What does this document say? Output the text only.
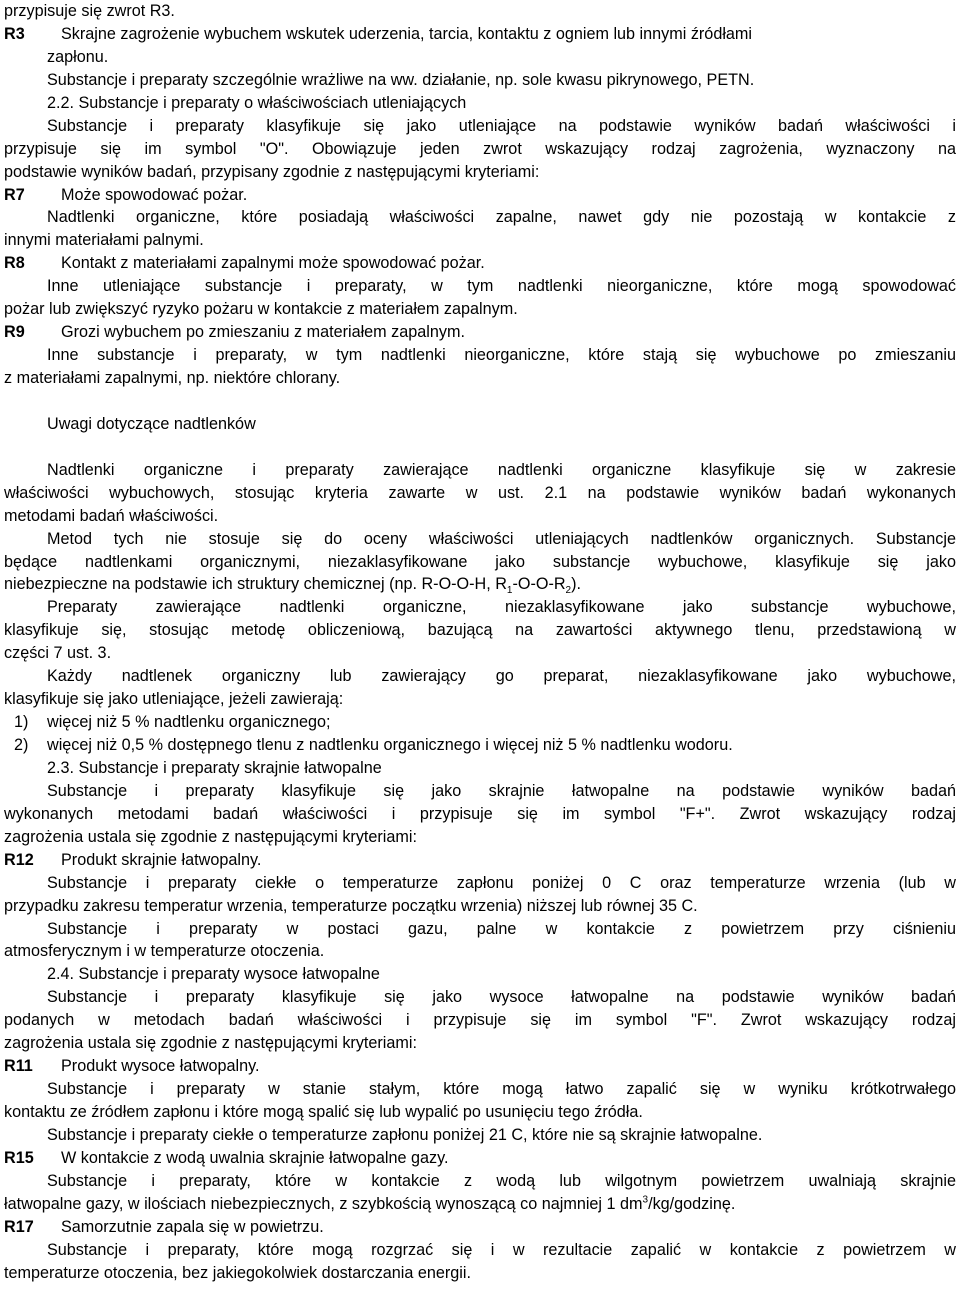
przypisuje się zwrot R3.
R3 Skrajne zagrożenie wybuchem wskutek uderzenia, tarcia, kontaktu z ogniem lub innymi źródłami
zapłonu.
Substancje i preparaty szczególnie wrażliwe na ww. działanie, np. sole kwasu pikrynowego, PETN.
2.2. Substancje i preparaty o właściwościach utleniających
Substancje i preparaty klasyfikuje się jako utleniające na podstawie wyników badań właściwości i
przypisuje się im symbol "O". Obowiązuje jeden zwrot wskazujący rodzaj zagrożenia, wyznaczony na
podstawie wyników badań, przypisany zgodnie z następującymi kryteriami:
R7 Może spowodować pożar.
Nadtlenki organiczne, które posiadają właściwości zapalne, nawet gdy nie pozostają w kontakcie z
innymi materiałami palnymi.
R8 Kontakt z materiałami zapalnymi może spowodować pożar.
Inne utleniające substancje i preparaty, w tym nadtlenki nieorganiczne, które mogą spowodować
pożar lub zwiększyć ryzyko pożaru w kontakcie z materiałem zapalnym.
R9 Grozi wybuchem po zmieszaniu z materiałem zapalnym.
Inne substancje i preparaty, w tym nadtlenki nieorganiczne, które stają się wybuchowe po zmieszaniu
z materiałami zapalnymi, np. niektóre chlorany.
Uwagi dotyczące nadtlenków
Nadtlenki organiczne i preparaty zawierające nadtlenki organiczne klasyfikuje się w zakresie
właściwości wybuchowych, stosując kryteria zawarte w ust. 2.1 na podstawie wyników badań wykonanych
metodami badań właściwości.
Metod tych nie stosuje się do oceny właściwości utleniających nadtlenków organicznych. Substancje
będące nadtlenkami organicznymi, niezaklasyfikowane jako substancje wybuchowe, klasyfikuje się jako
niebezpieczne na podstawie ich struktury chemicznej (np. R-O-O-H, $R_1-O-O-R_2$).
Preparaty zawierające nadtlenki organiczne, niezaklasyfikowane jako substancje wybuchowe,
klasyfikuje się, stosując metodę obliczeniową, bazującą na zawartości aktywnego tlenu, przedstawioną w
części 7 ust. 3.
Każdy nadtlenek organiczny lub zawierający go preparat, niezaklasyfikowane jako wybuchowe,
klasyfikuje się jako utleniające, jeżeli zawierają:
1) więcej niż 5 % nadtlenku organicznego;
2) więcej niż 0,5 % dostępnego tlenu z nadtlenku organicznego i więcej niż 5 % nadtlenku wodoru.
2.3. Substancje i preparaty skrajnie łatwopalne
Substancje i preparaty klasyfikuje się jako skrajnie łatwopalne na podstawie wyników badań
wykonanych metodami badań właściwości i przypisuje się im symbol "F+". Zwrot wskazujący rodzaj
zagrożenia ustala się zgodnie z następującymi kryteriami:
R12 Produkt skrajnie łatwopalny.
Substancje i preparaty ciekłe o temperaturze zapłonu poniżej 0 C oraz temperaturze wrzenia (lub w
przypadku zakresu temperatur wrzenia, temperaturze początku wrzenia) niższej lub równej 35 C.
Substancje i preparaty w postaci gazu, palne w kontakcie z powietrzem przy ciśnieniu
atmosferycznym i w temperaturze otoczenia.
2.4. Substancje i preparaty wysoce łatwopalne
Substancje i preparaty klasyfikuje się jako wysoce łatwopalne na podstawie wyników badań
podanych w metodach badań właściwości i przypisuje się im symbol "F". Zwrot wskazujący rodzaj
zagrożenia ustala się zgodnie z następującymi kryteriami:
R11 Produkt wysoce łatwopalny.
Substancje i preparaty w stanie stałym, które mogą łatwo zapalić się w wyniku krótkotrwałego
kontaktu ze źródłem zapłonu i które mogą spalić się lub wypalić po usunięciu tego źródła.
Substancje i preparaty ciekłe o temperaturze zapłonu poniżej 21 C, które nie są skrajnie łatwopalne.
R15 W kontakcie z wodą uwalnia skrajnie łatwopalne gazy.
Substancje i preparaty, które w kontakcie z wodą lub wilgotnym powietrzem uwalniają skrajnie
łatwopalne gazy, w ilościach niebezpiecznych, z szybkością wynoszącą co najmniej 1 $dm^3/kg$/godzinę.
R17 Samorzutnie zapala się w powietrzu.
Substancje i preparaty, które mogą rozgrzać się i w rezultacie zapalić w kontakcie z powietrzem w
temperaturze otoczenia, bez jakiegokolwiek dostarczania energii.
